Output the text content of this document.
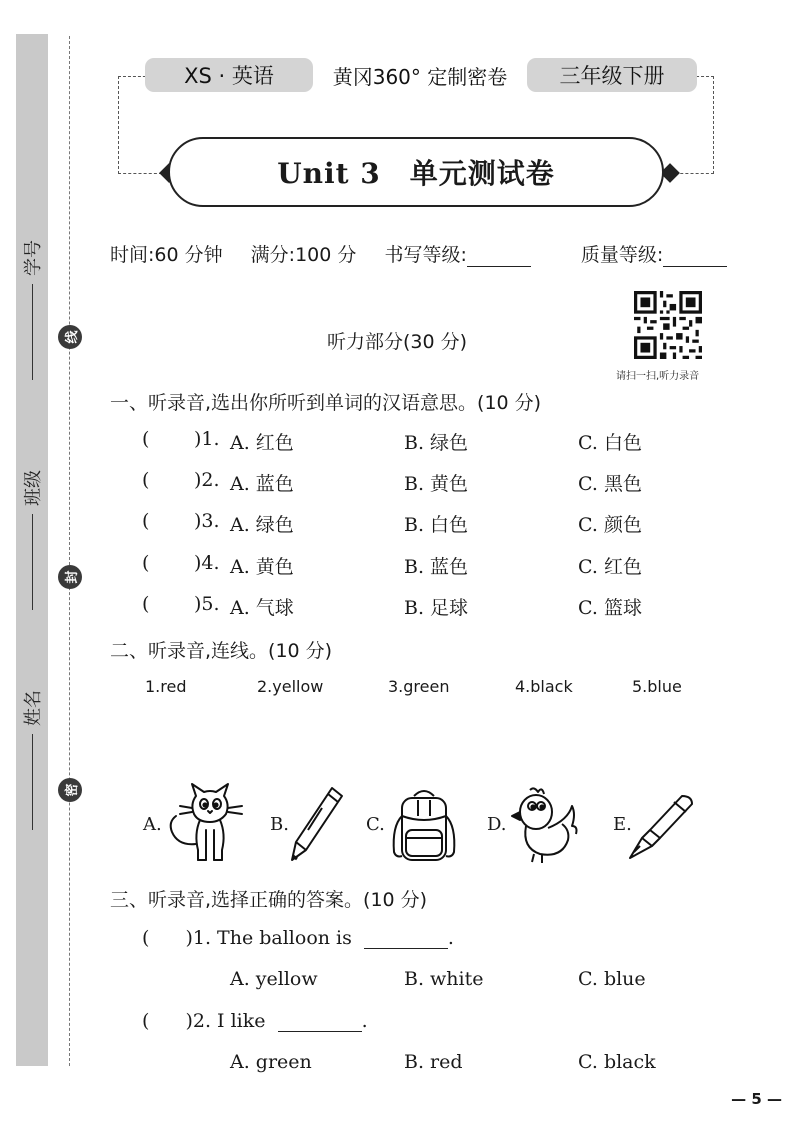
学号
班级
姓名
线
封
密
XS · 英语	黄冈360° 定制密卷	三年级下册
Unit 3　单元测试卷
时间:60 分钟 满分:100 分 书写等级:	质量等级:
请扫一扫,听力录音
听力部分(30 分)
一、听录音,选出你所听到单词的汉语意思。(10 分)
( )1. A. 红色	B. 绿色	C. 白色
( )2. A. 蓝色	B. 黄色	C. 黑色
( )3. A. 绿色	B. 白色	C. 颜色
( )4. A. 黄色	B. 蓝色	C. 红色
( )5. A. 气球	B. 足球	C. 篮球
二、听录音,连线。(10 分)
1.red	2.yellow	3.green	4.black	5.blue
A.	B.	C.	D.	E.
三、听录音,选择正确的答案。(10 分)
( )1. The balloon is	.
A. yellow	B. white	C. blue
( )2. I like	.
A. green	B. red	C. black
— 5 —
